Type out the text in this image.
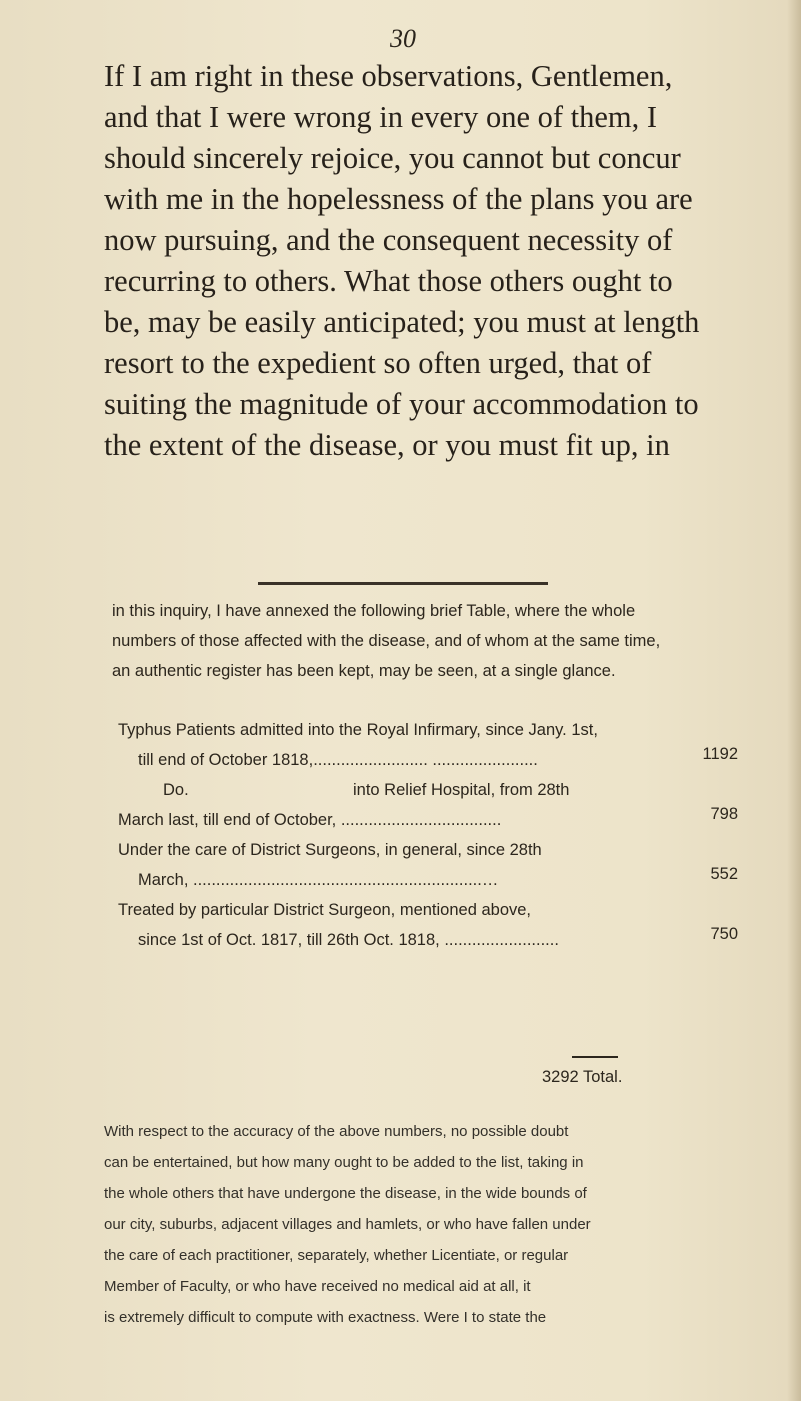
30
If I am right in these observations, Gentlemen,
and that I were wrong in every one of them, I
should sincerely rejoice, you cannot but concur
with me in the hopelessness of the plans you are
now pursuing, and the consequent necessity of
recurring to others. What those others ought to
be, may be easily anticipated; you must at length
resort to the expedient so often urged, that of
suiting the magnitude of your accommodation to
the extent of the disease, or you must fit up, in
in this inquiry, I have annexed the following brief Table, where the whole
numbers of those affected with the disease, and of whom at the same time,
an authentic register has been kept, may be seen, at a single glance.
Typhus Patients admitted into the Royal Infirmary, since Jany. 1st,
till end of October 1818,......................... .......................	1192
Do.	into Relief Hospital, from 28th
March last, till end of October, ...................................	798
Under the care of District Surgeons, in general, since 28th
March, ...............................................................…	552
Treated by particular District Surgeon, mentioned above,
since 1st of Oct. 1817, till 26th Oct. 1818, .........................	750
3292 Total.
With respect to the accuracy of the above numbers, no possible doubt
can be entertained, but how many ought to be added to the list, taking in
the whole others that have undergone the disease, in the wide bounds of
our city, suburbs, adjacent villages and hamlets, or who have fallen under
the care of each practitioner, separately, whether Licentiate, or regular
Member of Faculty, or who have received no medical aid at all, it
is extremely difficult to compute with exactness. Were I to state the
